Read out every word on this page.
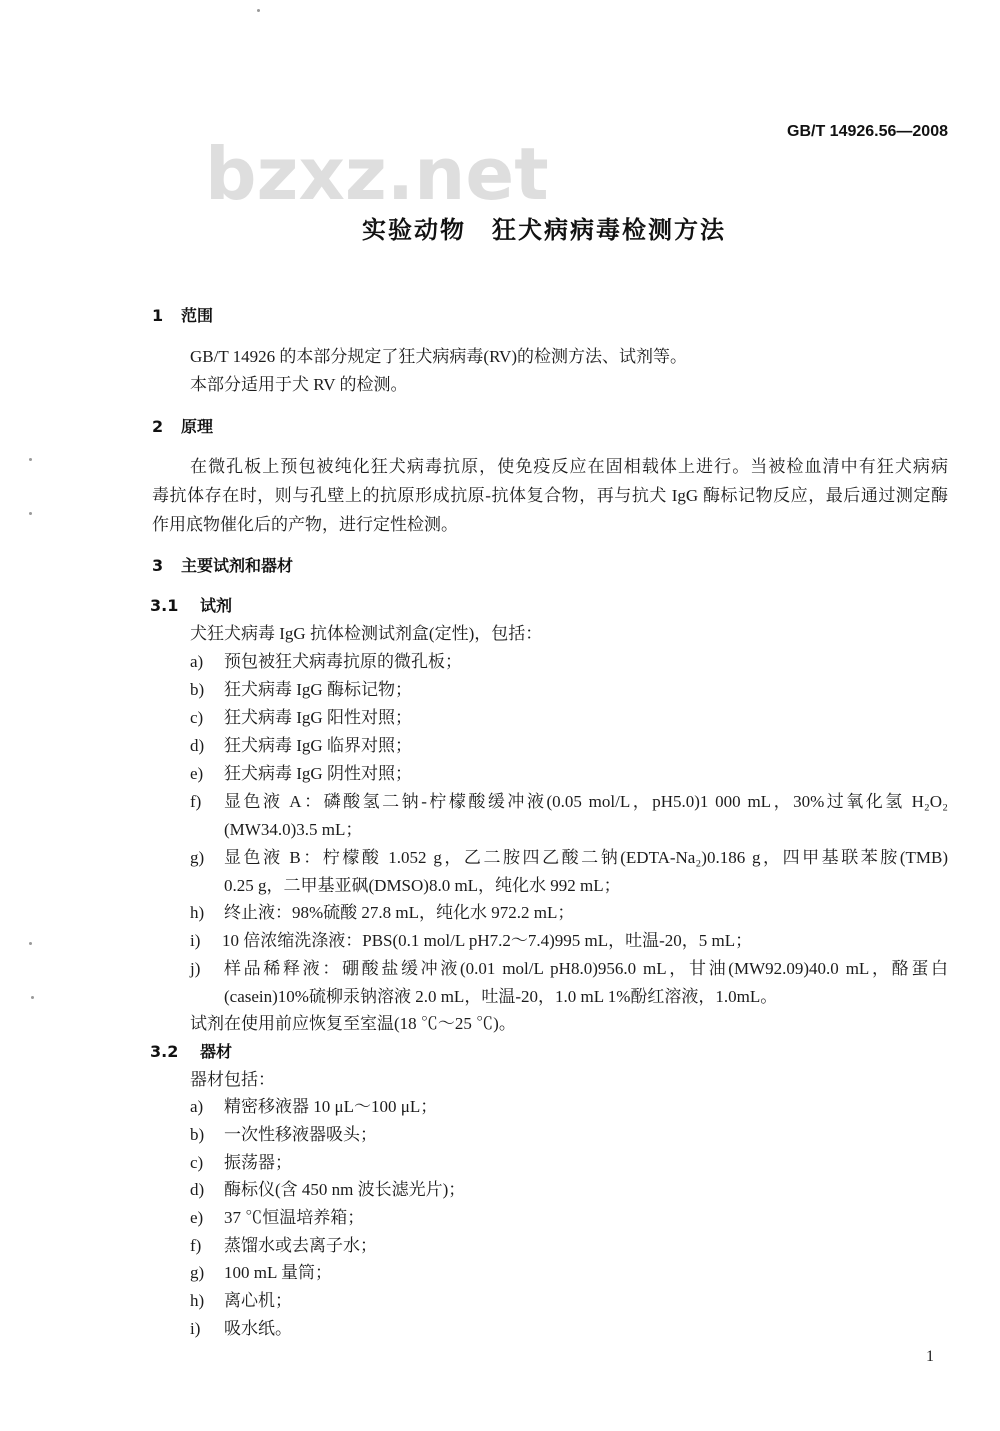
GB/T 14926.56—2008
bzxz.net
实验动物　狂犬病病毒检测方法
1 范围
GB/T 14926 的本部分规定了狂犬病病毒(RV)的检测方法、试剂等。
本部分适用于犬 RV 的检测。
2 原理
在微孔板上预包被纯化狂犬病毒抗原，使免疫反应在固相载体上进行。当被检血清中有狂犬病病
毒抗体存在时，则与孔壁上的抗原形成抗原-抗体复合物，再与抗犬 IgG 酶标记物反应，最后通过测定酶
作用底物催化后的产物，进行定性检测。
3 主要试剂和器材
3.1 试剂
犬狂犬病毒 IgG 抗体检测试剂盒(定性)，包括：
a) 预包被狂犬病毒抗原的微孔板；
b) 狂犬病毒 IgG 酶标记物；
c) 狂犬病毒 IgG 阳性对照；
d) 狂犬病毒 IgG 临界对照；
e) 狂犬病毒 IgG 阴性对照；
f) 显色液 A：磷酸氢二钠-柠檬酸缓冲液(0.05 mol/L，pH5.0)1 000 mL，30%过氧化氢 H₂O₂
(MW34.0)3.5 mL；
g) 显色液 B：柠檬酸 1.052 g，乙二胺四乙酸二钠(EDTA-Na₂)0.186 g，四甲基联苯胺(TMB)
0.25 g，二甲基亚砜(DMSO)8.0 mL，纯化水 992 mL；
h) 终止液：98%硫酸 27.8 mL，纯化水 972.2 mL；
i) 10 倍浓缩洗涤液：PBS(0.1 mol/L pH7.2～7.4)995 mL，吐温-20，5 mL；
j) 样品稀释液：硼酸盐缓冲液(0.01 mol/L pH8.0)956.0 mL，甘油(MW92.09)40.0 mL，酪蛋白
(casein)10%硫柳汞钠溶液 2.0 mL，吐温-20，1.0 mL 1%酚红溶液，1.0mL。
试剂在使用前应恢复至室温(18 ℃～25 ℃)。
3.2 器材
器材包括：
a) 精密移液器 10 μL～100 μL；
b) 一次性移液器吸头；
c) 振荡器；
d) 酶标仪(含 450 nm 波长滤光片)；
e) 37 ℃恒温培养箱；
f) 蒸馏水或去离子水；
g) 100 mL 量筒；
h) 离心机；
i) 吸水纸。
1
